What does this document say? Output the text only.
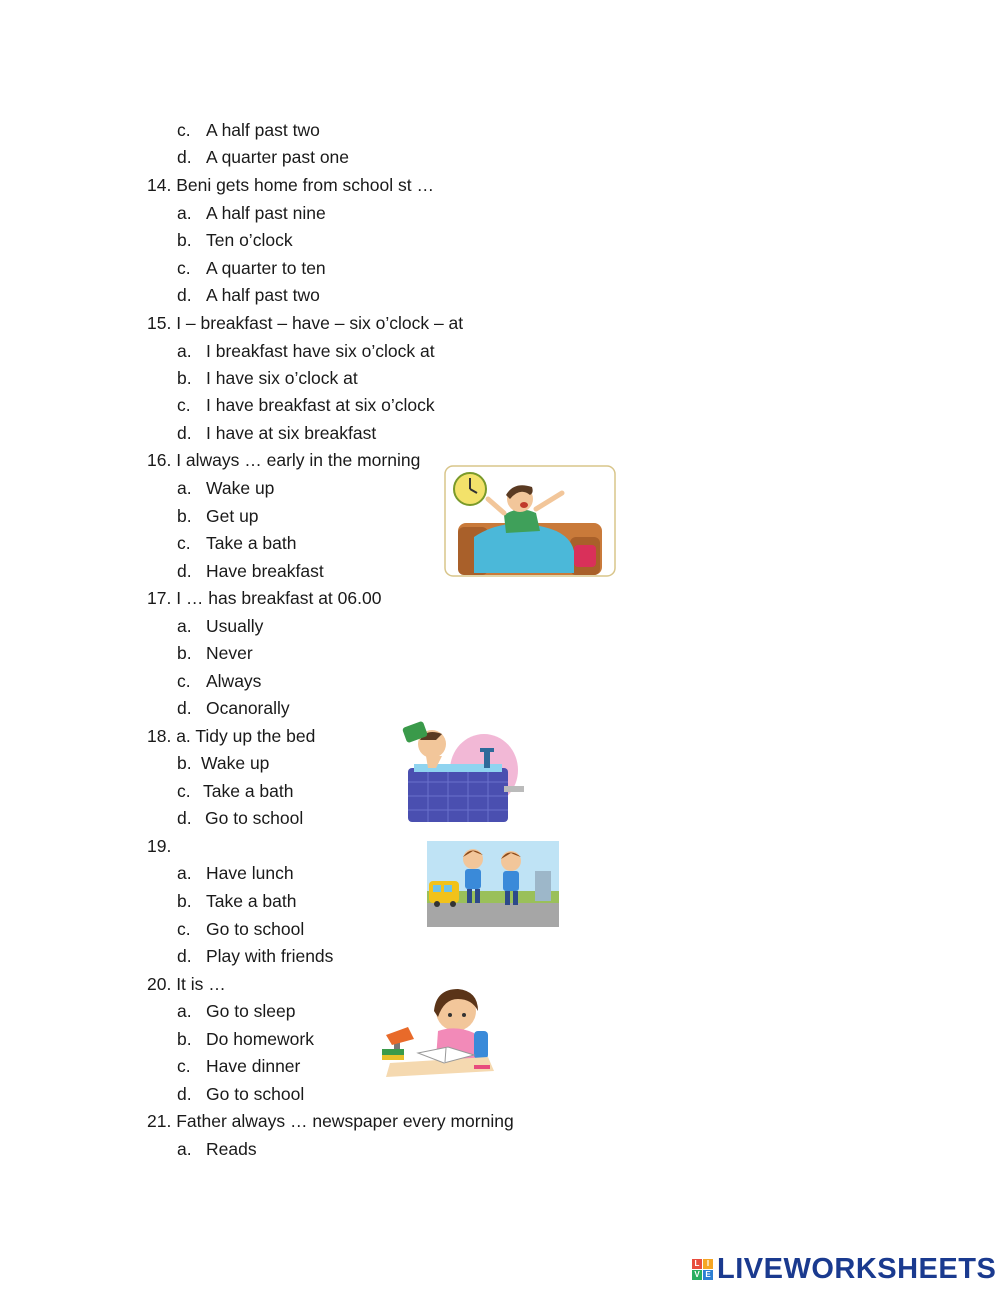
c. A half past two
d. A quarter past one
14. Beni gets home from school st …
a. A half past nine
b. Ten o’clock
c. A quarter to ten
d. A half past two
15. I – breakfast – have – six o’clock – at
a. I breakfast have six o’clock at
b. I have six o’clock at
c. I have breakfast at six o’clock
d. I have at six breakfast
16. I always … early in the morning
a. Wake up
b. Get up
c. Take a bath
d. Have breakfast
17. I … has breakfast at 06.00
a. Usually
b. Never
c. Always
d. Ocanorally
18. a. Tidy up the bed
b. Wake up
c. Take a bath
d. Go to school
19.
a. Have lunch
b. Take a bath
c. Go to school
d. Play with friends
20. It is …
a. Go to sleep
b. Do homework
c. Have dinner
d. Go to school
21. Father always … newspaper every morning
a. Reads
L I
V E LIVEWORKSHEETS
